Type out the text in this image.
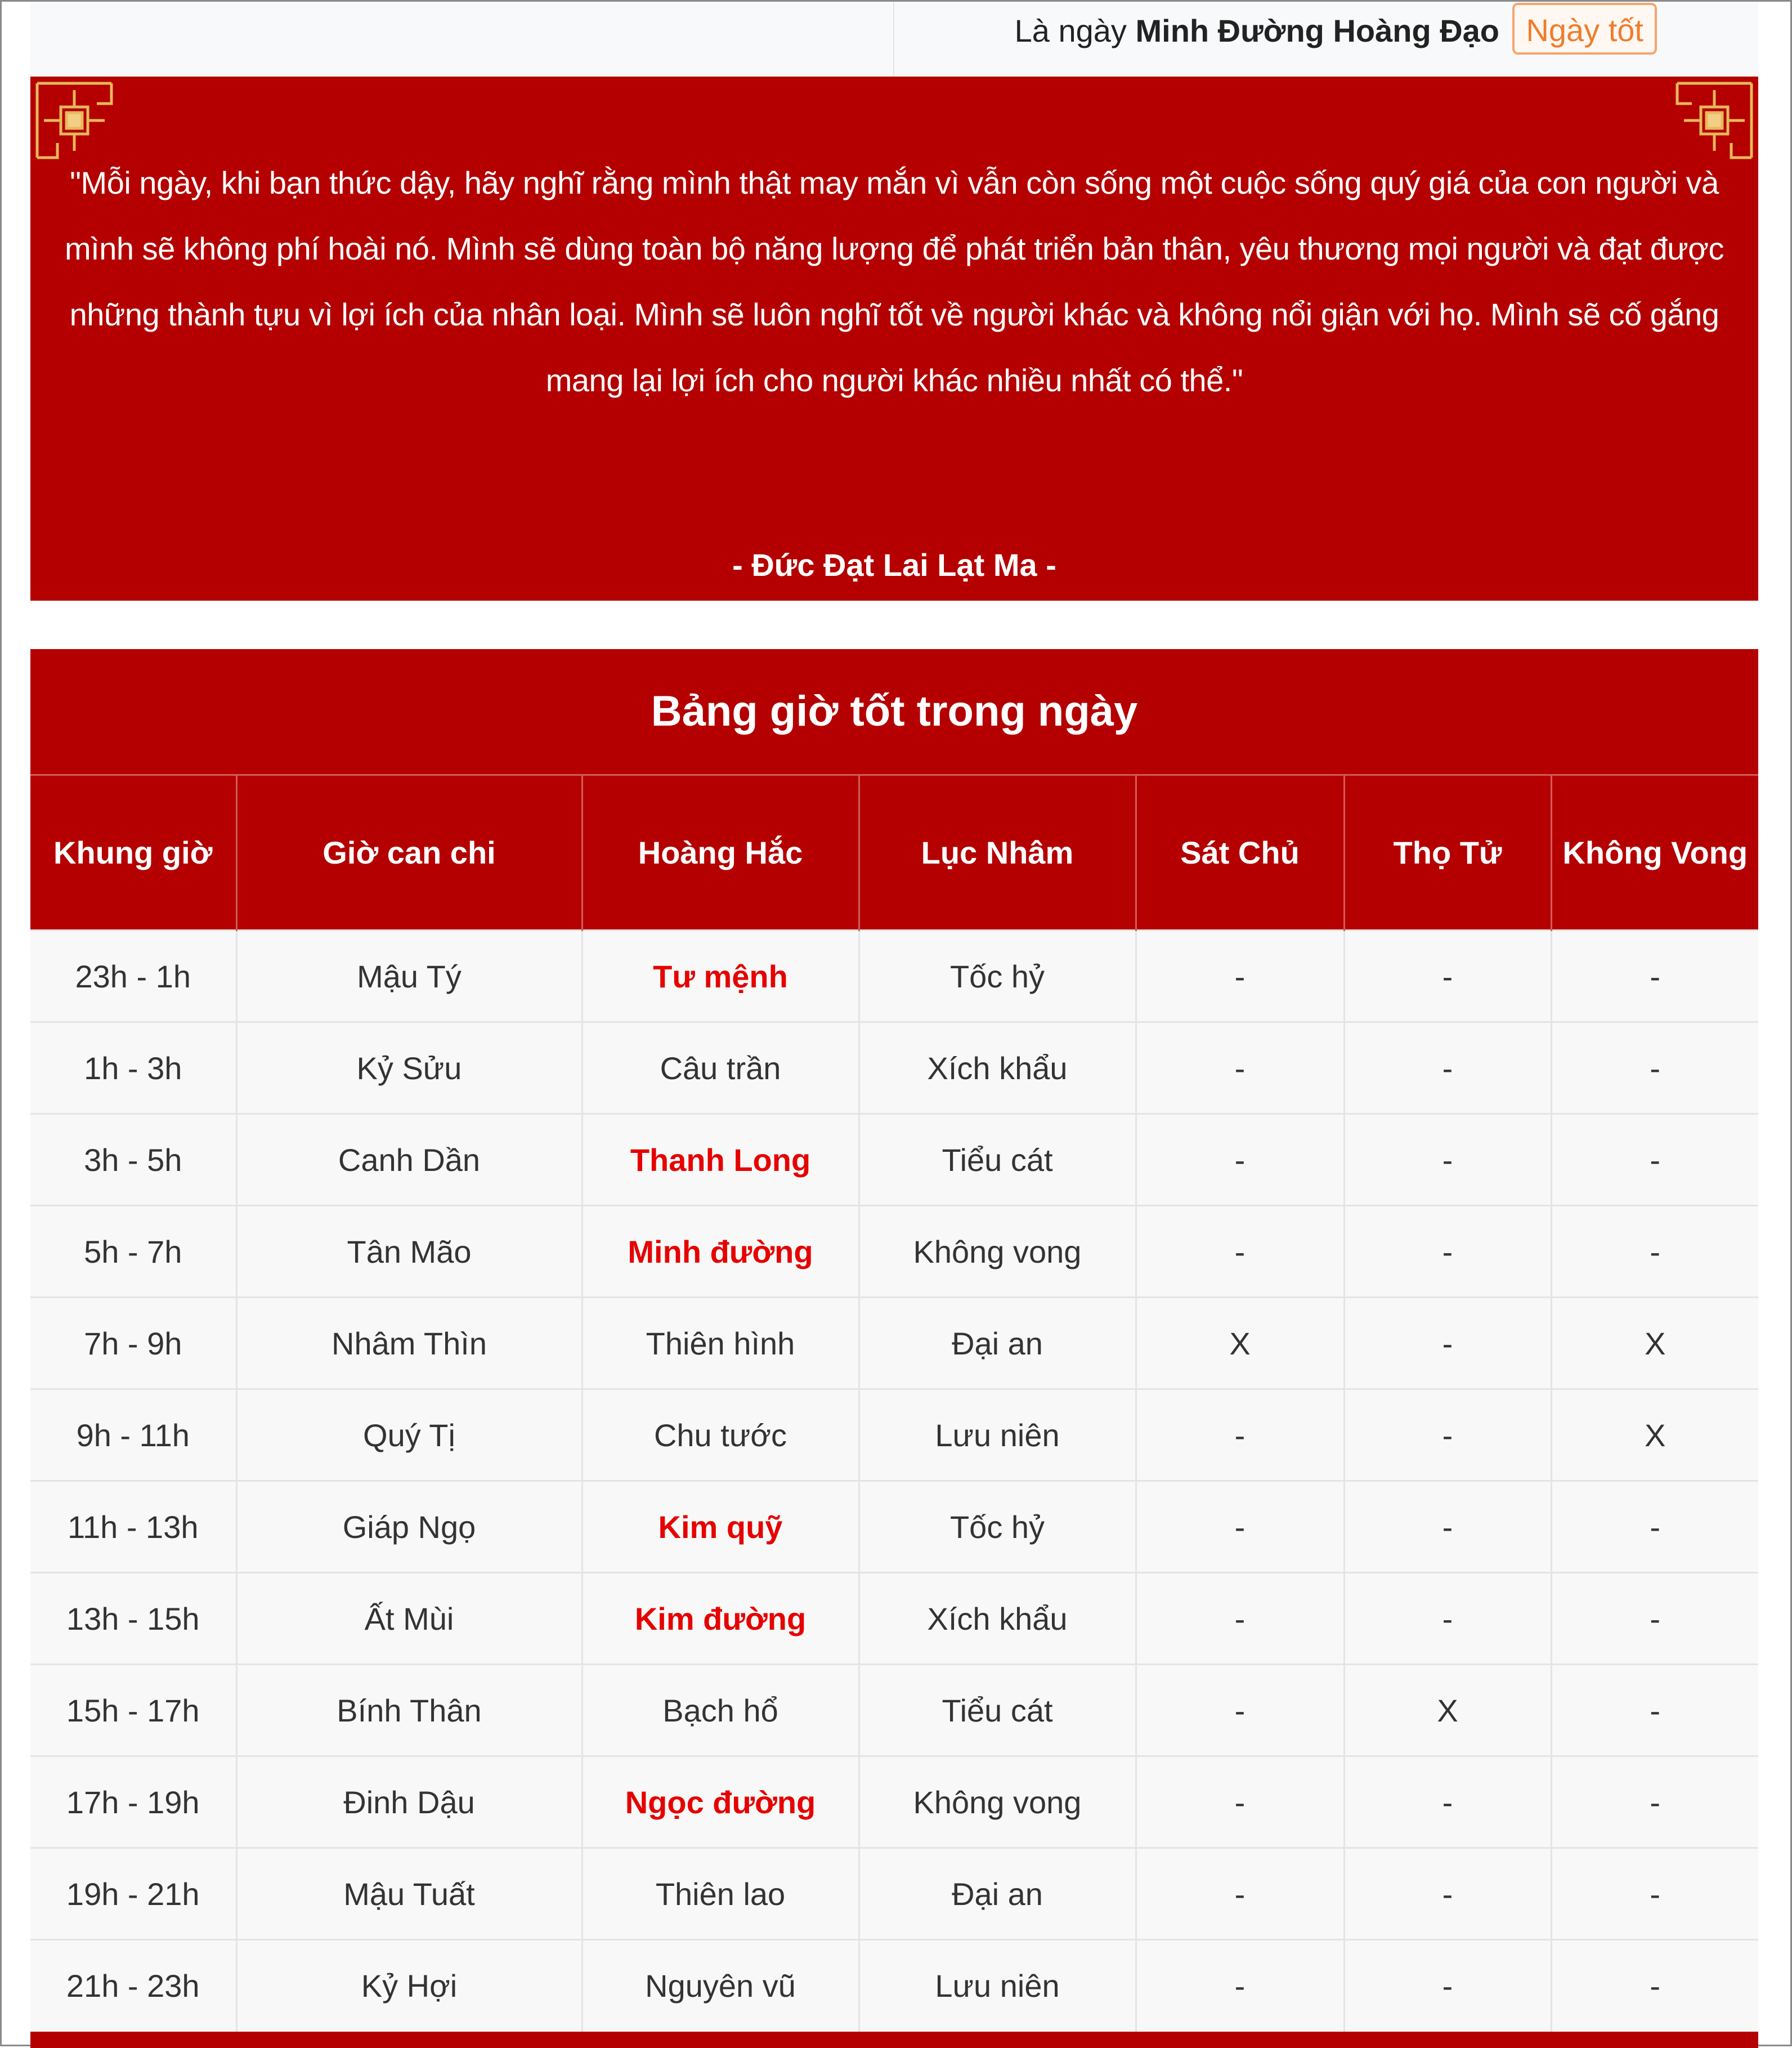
Là ngày Minh Đường Hoàng Đạo Ngày tốt
"Mỗi ngày, khi bạn thức dậy, hãy nghĩ rằng mình thật may mắn vì vẫn còn sống một cuộc sống quý giá của con người và mình sẽ không phí hoài nó. Mình sẽ dùng toàn bộ năng lượng để phát triển bản thân, yêu thương mọi người và đạt được những thành tựu vì lợi ích của nhân loại. Mình sẽ luôn nghĩ tốt về người khác và không nổi giận với họ. Mình sẽ cố gắng mang lại lợi ích cho người khác nhiều nhất có thể."
- Đức Đạt Lai Lạt Ma -
Bảng giờ tốt trong ngày
Khung giờ	Giờ can chi	Hoàng Hắc	Lục Nhâm	Sát Chủ	Thọ Tử	Không Vong
23h - 1h	Mậu Tý	Tư mệnh	Tốc hỷ	-	-	-
1h - 3h	Kỷ Sửu	Câu trần	Xích khẩu	-	-	-
3h - 5h	Canh Dần	Thanh Long	Tiểu cát	-	-	-
5h - 7h	Tân Mão	Minh đường	Không vong	-	-	-
7h - 9h	Nhâm Thìn	Thiên hình	Đại an	X	-	X
9h - 11h	Quý Tị	Chu tước	Lưu niên	-	-	X
11h - 13h	Giáp Ngọ	Kim quỹ	Tốc hỷ	-	-	-
13h - 15h	Ất Mùi	Kim đường	Xích khẩu	-	-	-
15h - 17h	Bính Thân	Bạch hổ	Tiểu cát	-	X	-
17h - 19h	Đinh Dậu	Ngọc đường	Không vong	-	-	-
19h - 21h	Mậu Tuất	Thiên lao	Đại an	-	-	-
21h - 23h	Kỷ Hợi	Nguyên vũ	Lưu niên	-	-	-
